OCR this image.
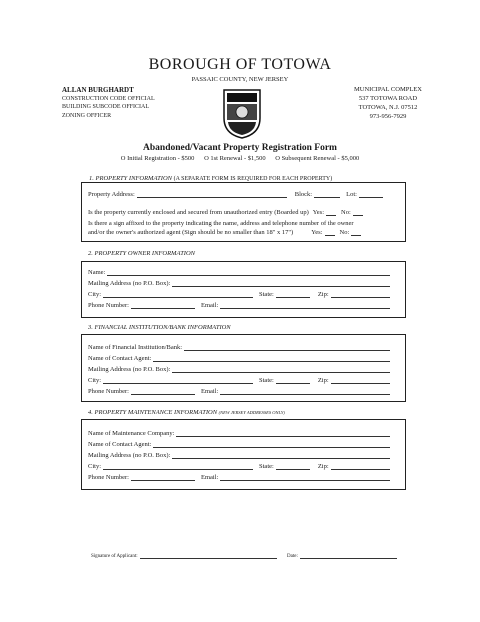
BOROUGH OF TOTOWA
PASSAIC COUNTY, NEW JERSEY
ALLAN BURGHARDT
CONSTRUCTION CODE OFFICIAL
BUILDING SUBCODE OFFICIAL
ZONING OFFICER
MUNICIPAL COMPLEX
537 TOTOWA ROAD
TOTOWA, N.J. 07512
973-956-7929
Abandoned/Vacant Property Registration Form
O Initial Registration - $500 O 1st Renewal - $1,500 O Subsequent Renewal - $5,000
1. PROPERTY INFORMATION (A SEPARATE FORM IS REQUIRED FOR EACH PROPERTY)
Property Address:	Block:	Lot:
Is the property currently enclosed and secured from unauthorized entry (Boarded up) Yes:	No:
Is there a sign affixed to the property indicating the name, address and telephone number of the owner
and/or the owner's authorized agent (Sign should be no smaller than 18" x 17")	Yes:	No:
2. PROPERTY OWNER INFORMATION
Name:
Mailing Address (no P.O. Box):
City:	State:	Zip:
Phone Number:	Email:
3. FINANCIAL INSTITUTION/BANK INFORMATION
Name of Financial Institution/Bank:
Name of Contact Agent:
Mailing Address (no P.O. Box):
City:	State:	Zip:
Phone Number:	Email:
4. PROPERTY MAINTENANCE INFORMATION (NEW JERSEY ADDRESSES ONLY)
Name of Maintenance Company:
Name of Contact Agent:
Mailing Address (no P.O. Box):
City:	State:	Zip:
Phone Number:	Email:
Signature of Applicant:	Date:
